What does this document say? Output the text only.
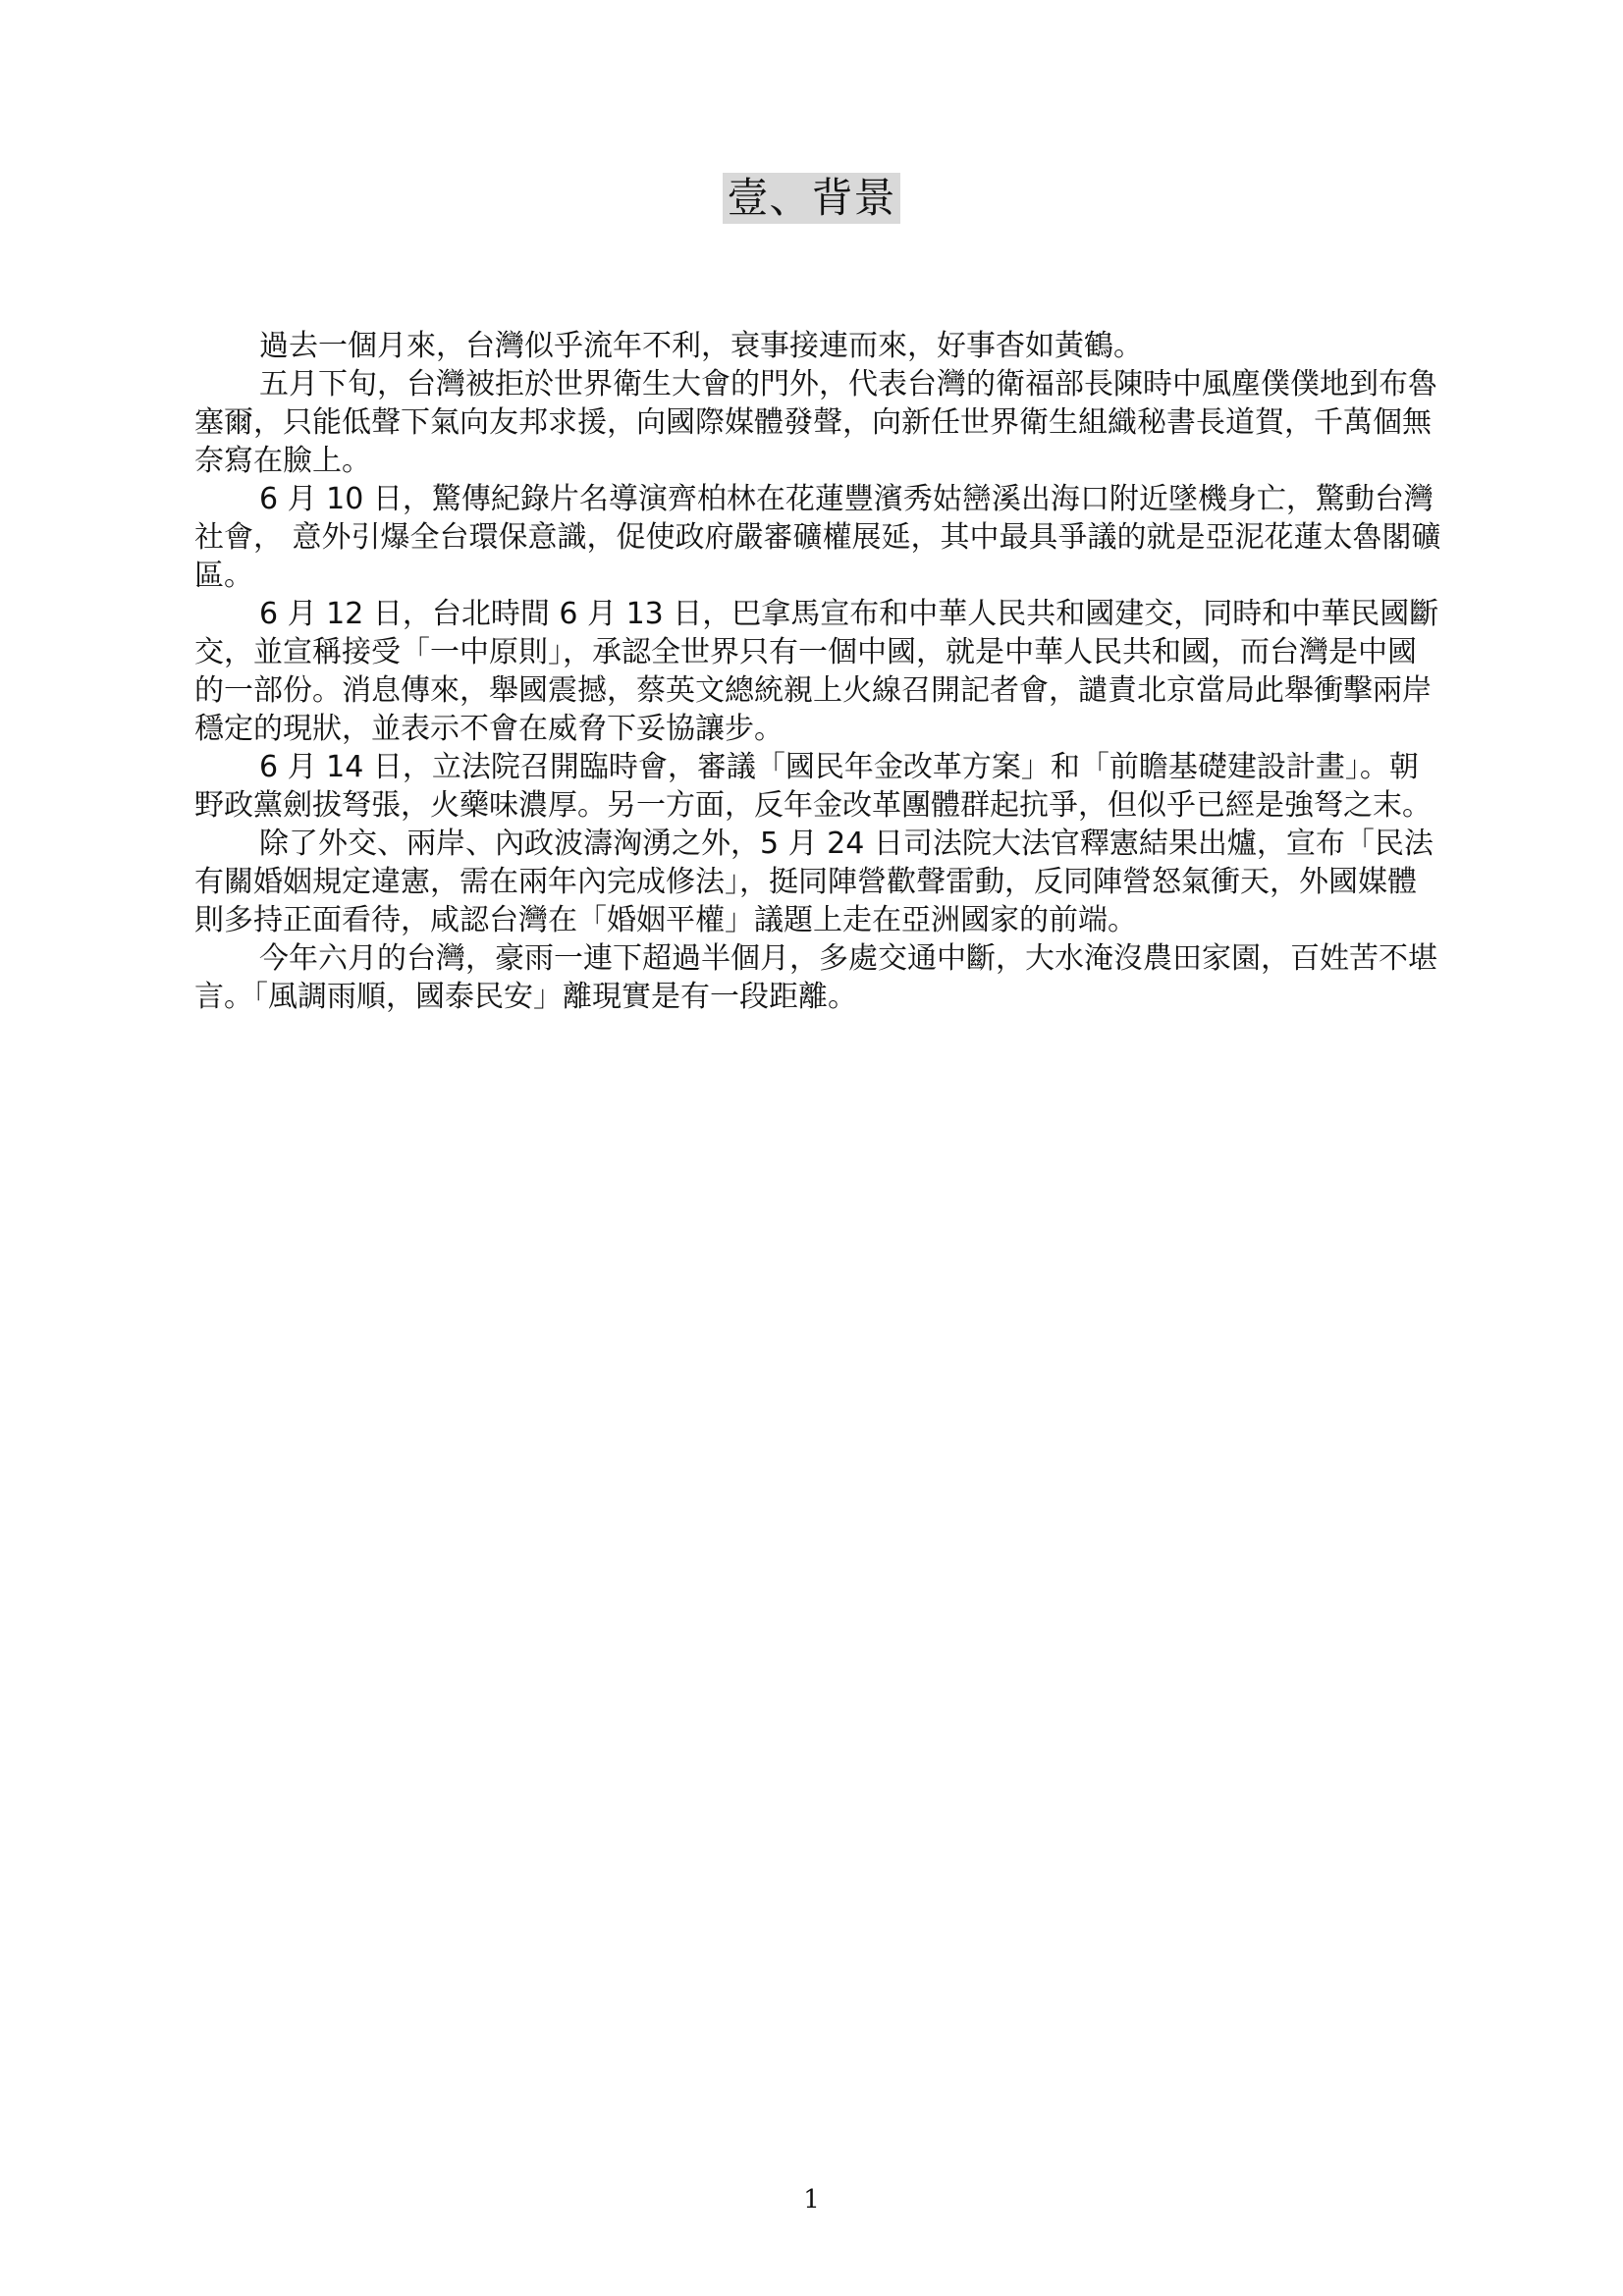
壹、背景

過去一個月來，台灣似乎流年不利，衰事接連而來，好事杳如黃鶴。

五月下旬，台灣被拒於世界衛生大會的門外，代表台灣的衛福部長陳時中風塵僕僕地到布魯塞爾，只能低聲下氣向友邦求援，向國際媒體發聲，向新任世界衛生組織秘書長道賀，千萬個無奈寫在臉上。

6 月 10 日，驚傳紀錄片名導演齊柏林在花蓮豐濱秀姑巒溪出海口附近墜機身亡，驚動台灣社會， 意外引爆全台環保意識，促使政府嚴審礦權展延，其中最具爭議的就是亞泥花蓮太魯閣礦區。

6 月 12 日，台北時間 6 月 13 日，巴拿馬宣布和中華人民共和國建交，同時和中華民國斷交，並宣稱接受「一中原則」，承認全世界只有一個中國，就是中華人民共和國，而台灣是中國的一部份。消息傳來，舉國震撼，蔡英文總統親上火線召開記者會，譴責北京當局此舉衝擊兩岸穩定的現狀，並表示不會在威脅下妥協讓步。

6 月 14 日，立法院召開臨時會，審議「國民年金改革方案」和「前瞻基礎建設計畫」。朝野政黨劍拔弩張，火藥味濃厚。另一方面，反年金改革團體群起抗爭，但似乎已經是強弩之末。

除了外交、兩岸、內政波濤洶湧之外，5 月 24 日司法院大法官釋憲結果出爐，宣布「民法有關婚姻規定違憲，需在兩年內完成修法」，挺同陣營歡聲雷動，反同陣營怒氣衝天，外國媒體則多持正面看待，咸認台灣在「婚姻平權」議題上走在亞洲國家的前端。

今年六月的台灣，豪雨一連下超過半個月，多處交通中斷，大水淹沒農田家園，百姓苦不堪言。「風調雨順，國泰民安」離現實是有一段距離。

1
